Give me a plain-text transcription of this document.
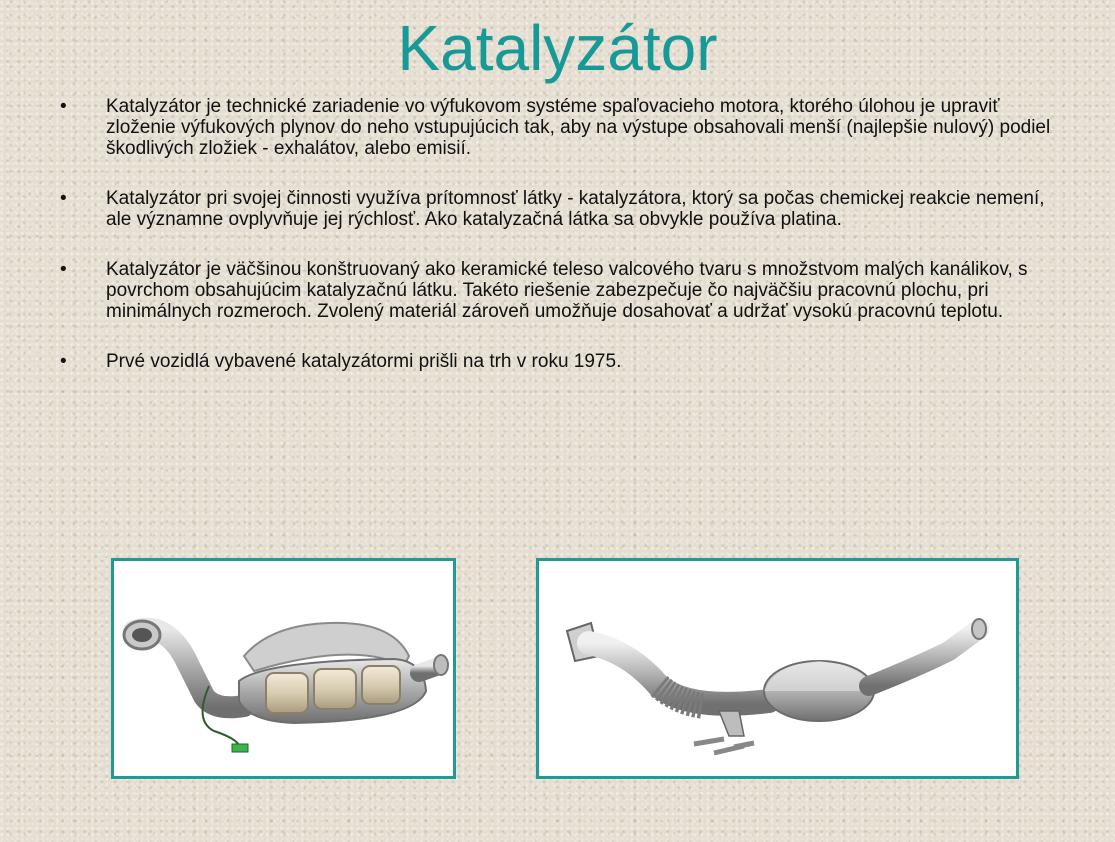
Katalyzátor
• Katalyzátor je technické zariadenie vo výfukovom systéme spaľovacieho motora, ktorého úlohou je upraviť zloženie výfukových plynov do neho vstupujúcich tak, aby na výstupe obsahovali menší (najlepšie nulový) podiel škodlivých zložiek - exhalátov, alebo emisií.
• Katalyzátor pri svojej činnosti využíva prítomnosť látky - katalyzátora, ktorý sa počas chemickej reakcie nemení, ale významne ovplyvňuje jej rýchlosť. Ako katalyzačná látka sa obvykle používa platina.
• Katalyzátor je väčšinou konštruovaný ako keramické teleso valcového tvaru s množstvom malých kanálikov, s povrchom obsahujúcim katalyzačnú látku. Takéto riešenie zabezpečuje čo najväčšiu pracovnú plochu, pri minimálnych rozmeroch. Zvolený materiál zároveň umožňuje dosahovať a udržať vysokú pracovnú teplotu.
• Prvé vozidlá vybavené katalyzátormi prišli na trh v roku 1975.
